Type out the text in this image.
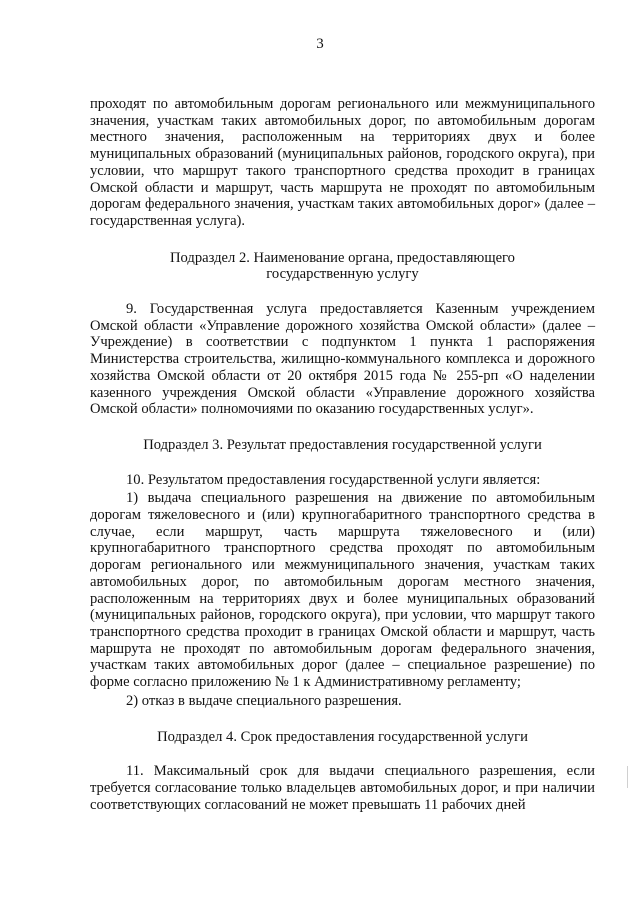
3

проходят по автомобильным дорогам регионального или межмуниципального значения, участкам таких автомобильных дорог, по автомобильным дорогам местного значения, расположенным на территориях двух и более муниципальных образований (муниципальных районов, городского округа), при условии, что маршрут такого транспортного средства проходит в границах Омской области и маршрут, часть маршрута не проходят по автомобильным дорогам федерального значения, участкам таких автомобильных дорог» (далее – государственная услуга).

Подраздел 2. Наименование органа, предоставляющего государственную услугу

9. Государственная услуга предоставляется Казенным учреждением Омской области «Управление дорожного хозяйства Омской области» (далее – Учреждение) в соответствии с подпунктом 1 пункта 1 распоряжения Министерства строительства, жилищно-коммунального комплекса и дорожного хозяйства Омской области от 20 октября 2015 года № 255-рп «О наделении казенного учреждения Омской области «Управление дорожного хозяйства Омской области» полномочиями по оказанию государственных услуг».

Подраздел 3. Результат предоставления государственной услуги

10. Результатом предоставления государственной услуги является:

1) выдача специального разрешения на движение по автомобильным дорогам тяжеловесного и (или) крупногабаритного транспортного средства в случае, если маршрут, часть маршрута тяжеловесного и (или) крупногабаритного транспортного средства проходят по автомобильным дорогам регионального или межмуниципального значения, участкам таких автомобильных дорог, по автомобильным дорогам местного значения, расположенным на территориях двух и более муниципальных образований (муниципальных районов, городского округа), при условии, что маршрут такого транспортного средства проходит в границах Омской области и маршрут, часть маршрута не проходят по автомобильным дорогам федерального значения, участкам таких автомобильных дорог (далее – специальное разрешение) по форме согласно приложению № 1 к Административному регламенту;

2) отказ в выдаче специального разрешения.

Подраздел 4. Срок предоставления государственной услуги

11. Максимальный срок для выдачи специального разрешения, если требуется согласование только владельцев автомобильных дорог, и при наличии соответствующих согласований не может превышать 11 рабочих дней
